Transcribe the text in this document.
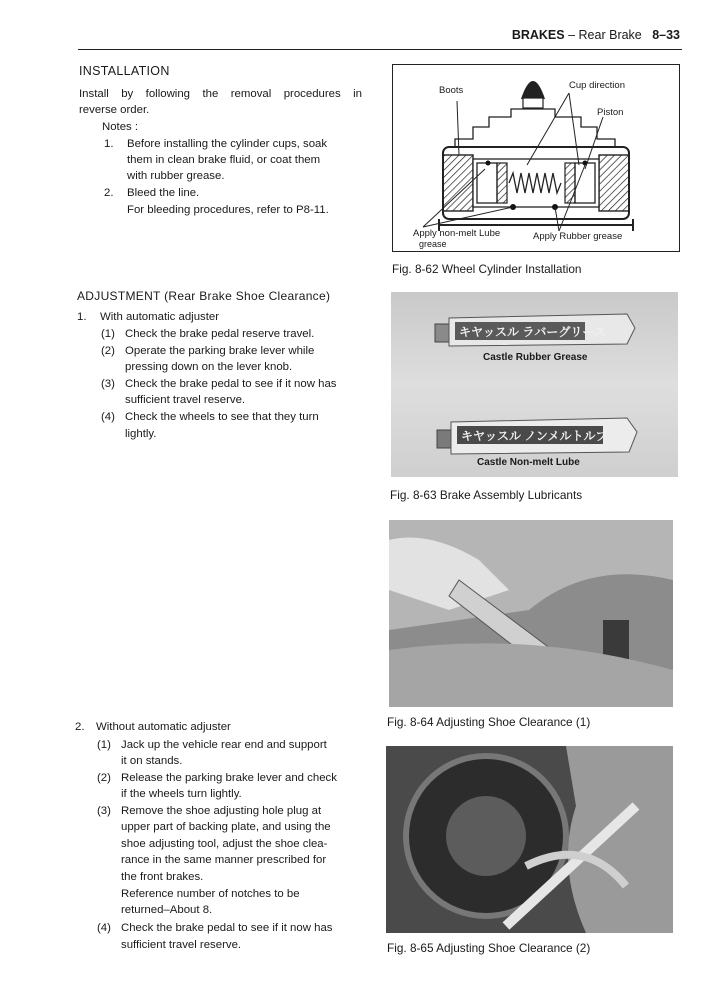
BRAKES – Rear Brake 8–33
INSTALLATION
Install by following the removal procedures in
reverse order.
Notes :
1. Before installing the cylinder cups, soak
them in clean brake fluid, or coat them
with rubber grease.
2. Bleed the line.
For bleeding procedures, refer to P8-11.
ADJUSTMENT (Rear Brake Shoe Clearance)
1. With automatic adjuster
(1) Check the brake pedal reserve travel.
(2) Operate the parking brake lever while
pressing down on the lever knob.
(3) Check the brake pedal to see if it now has
sufficient travel reserve.
(4) Check the wheels to see that they turn
lightly.
2. Without automatic adjuster
(1) Jack up the vehicle rear end and support
it on stands.
(2) Release the parking brake lever and check
if the wheels turn lightly.
(3) Remove the shoe adjusting hole plug at
upper part of backing plate, and using the
shoe adjusting tool, adjust the shoe clea-
rance in the same manner prescribed for
the front brakes.
Reference number of notches to be
returned–About 8.
(4) Check the brake pedal to see if it now has
sufficient travel reserve.
Boots	Cup direction
Piston
Apply non-melt Lube
grease
Apply Rubber grease
Fig. 8-62 Wheel Cylinder Installation
キヤッスル ラバーグリース
Castle Rubber Grease
キヤッスル ノンメルトルブ
Castle Non-melt Lube
Fig. 8-63 Brake Assembly Lubricants
Fig. 8-64 Adjusting Shoe Clearance (1)
Fig. 8-65 Adjusting Shoe Clearance (2)
